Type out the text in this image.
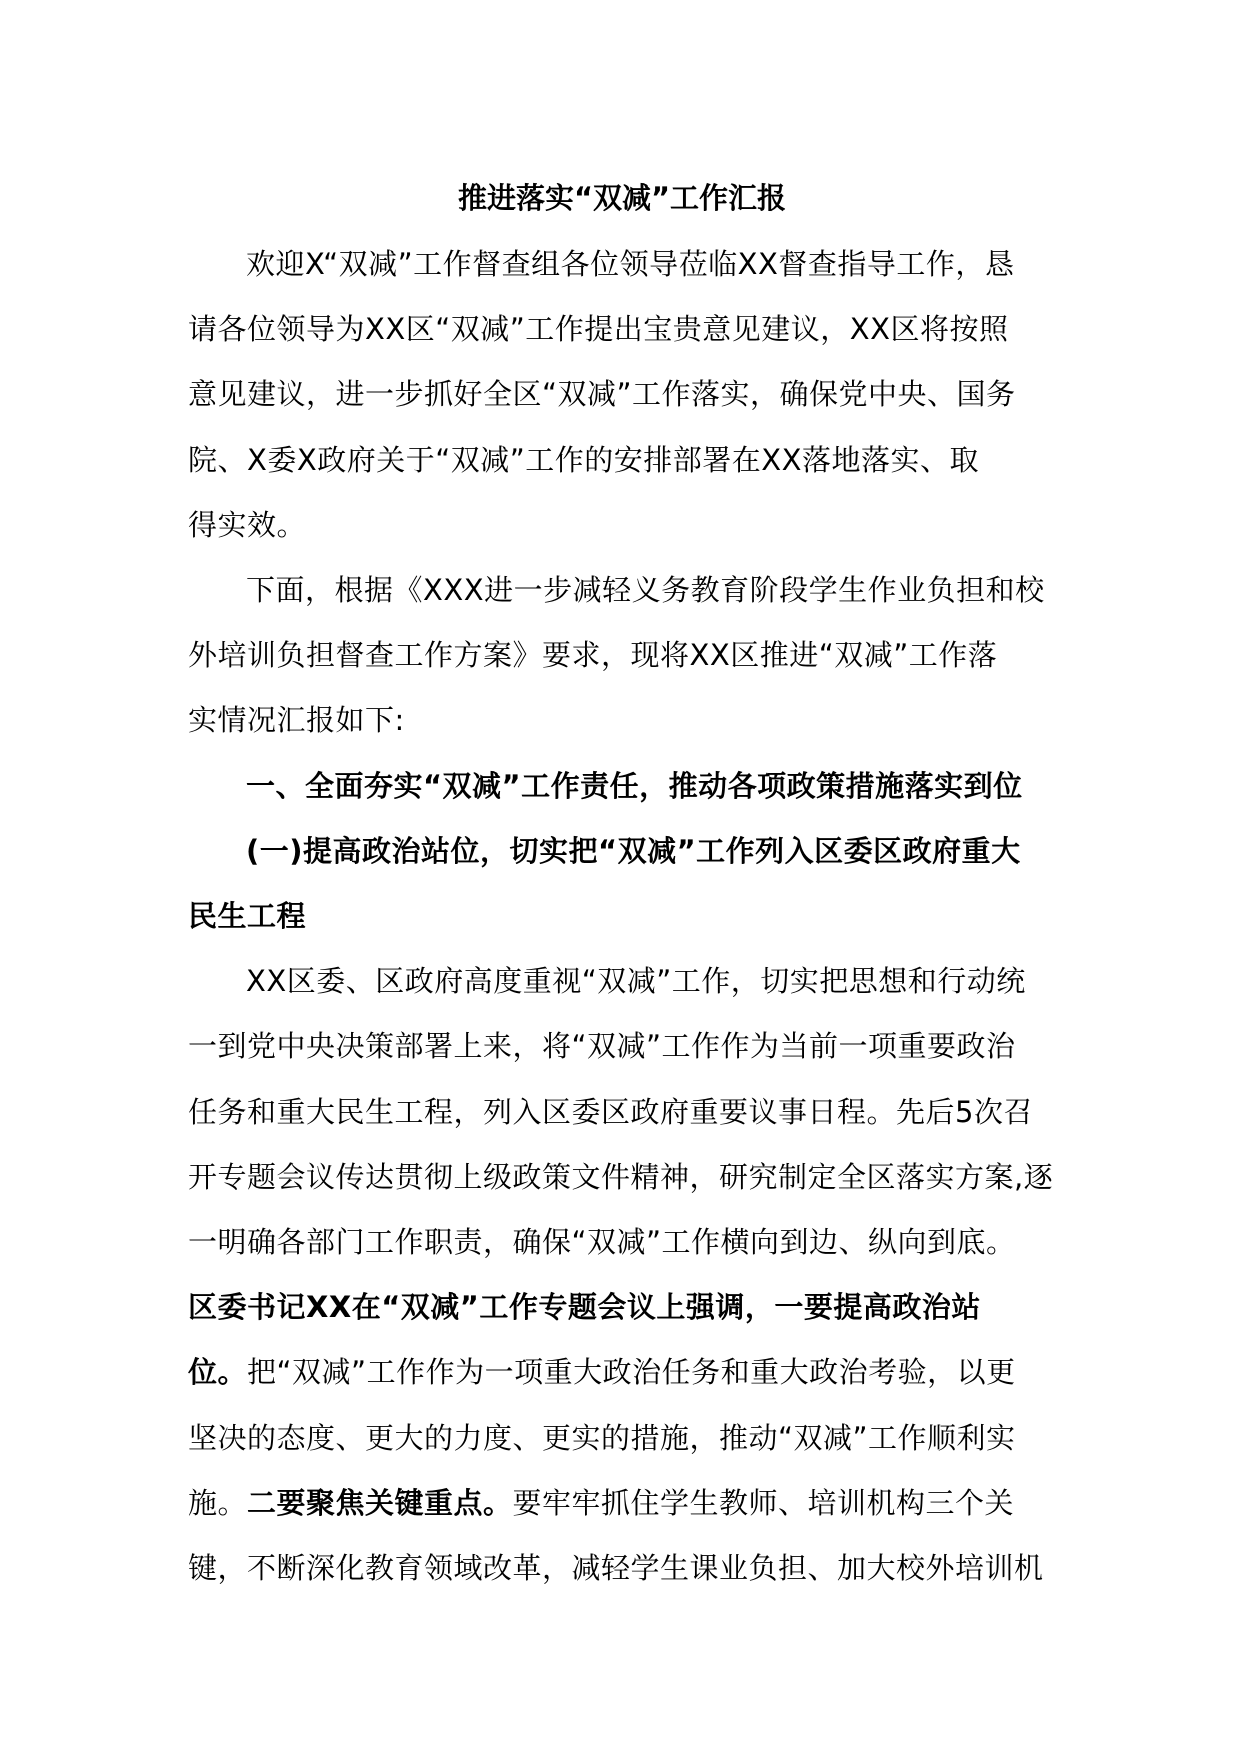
推进落实“双减”工作汇报

欢迎X“双减”工作督查组各位领导莅临XX督查指导工作，恳
请各位领导为XX区“双减”工作提出宝贵意见建议，XX区将按照
意见建议，进一步抓好全区“双减”工作落实，确保党中央、国务
院、X委X政府关于“双减”工作的安排部署在XX落地落实、取
得实效。

下面，根据《XXX进一步减轻义务教育阶段学生作业负担和校
外培训负担督查工作方案》要求，现将XX区推进“双减”工作落
实情况汇报如下:

一、全面夯实“双减”工作责任，推动各项政策措施落实到位

(一)提高政治站位，切实把“双减”工作列入区委区政府重大
民生工程

XX区委、区政府高度重视“双减”工作，切实把思想和行动统
一到党中央决策部署上来，将“双减”工作作为当前一项重要政治
任务和重大民生工程，列入区委区政府重要议事日程。先后5次召
开专题会议传达贯彻上级政策文件精神，研究制定全区落实方案,逐
一明确各部门工作职责，确保“双减”工作横向到边、纵向到底。

区委书记XX在“双减”工作专题会议上强调，一要提高政治站
位。把“双减”工作作为一项重大政治任务和重大政治考验，以更
坚决的态度、更大的力度、更实的措施，推动“双减”工作顺利实
施。二要聚焦关键重点。要牢牢抓住学生教师、培训机构三个关
键，不断深化教育领域改革，减轻学生课业负担、加大校外培训机
